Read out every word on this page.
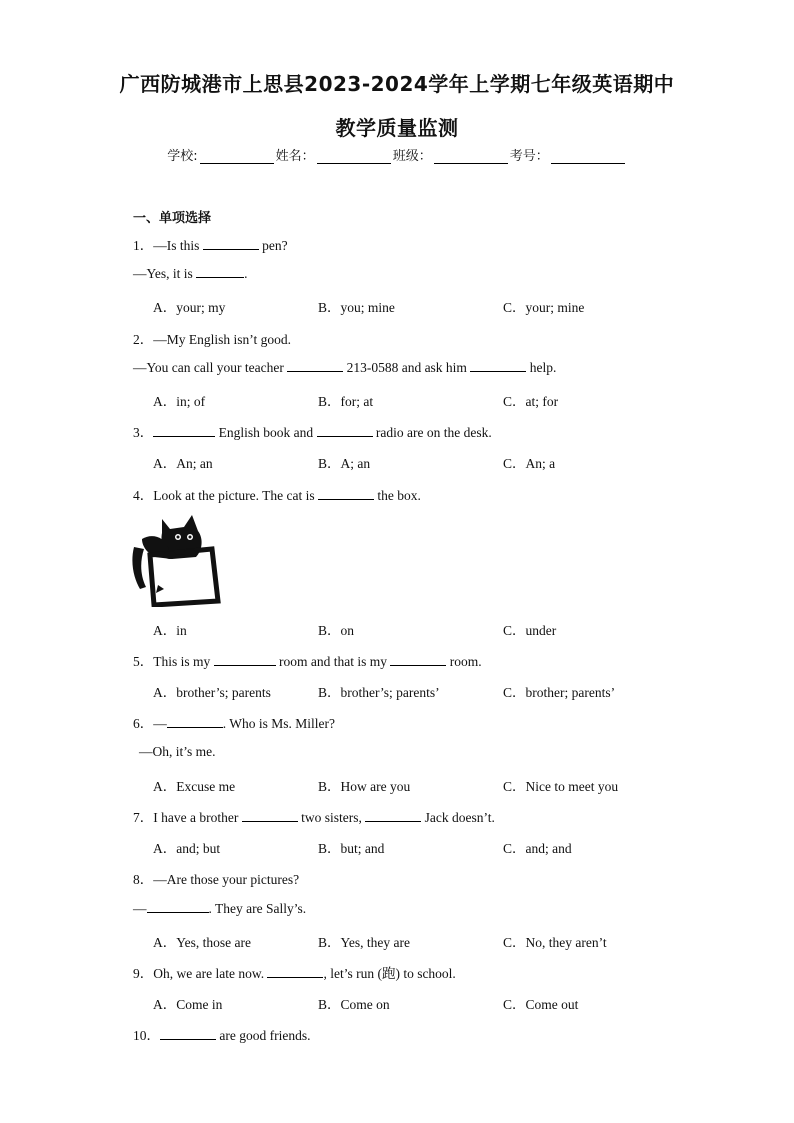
广西防城港市上思县2023-2024学年上学期七年级英语期中
教学质量监测
学校:	姓名：	班级：	考号：
一、单项选择
1．—Is this	pen?
—Yes, it is	.
A．your; my	B．you; mine	C．your; mine
2．—My English isn’t good.
—You can call your teacher	213-0588 and ask him	help.
A．in; of	B．for; at	C．at; for
3．	English book and	radio are on the desk.
A．An; an	B．A; an	C．An; a
4．Look at the picture. The cat is	the box.
A．in	B．on	C．under
5．This is my	room and that is my	room.
A．brother’s; parents	B．brother’s; parents’	C．brother; parents’
6．—	. Who is Ms. Miller?
—Oh, it’s me.
A．Excuse me	B．How are you	C．Nice to meet you
7．I have a brother	two sisters,	Jack doesn’t.
A．and; but	B．but; and	C．and; and
8．—Are those your pictures?
—	. They are Sally’s.
A．Yes, those are	B．Yes, they are	C．No, they aren’t
9．Oh, we are late now.	, let’s run (跑) to school.
A．Come in	B．Come on	C．Come out
10．	are good friends.
